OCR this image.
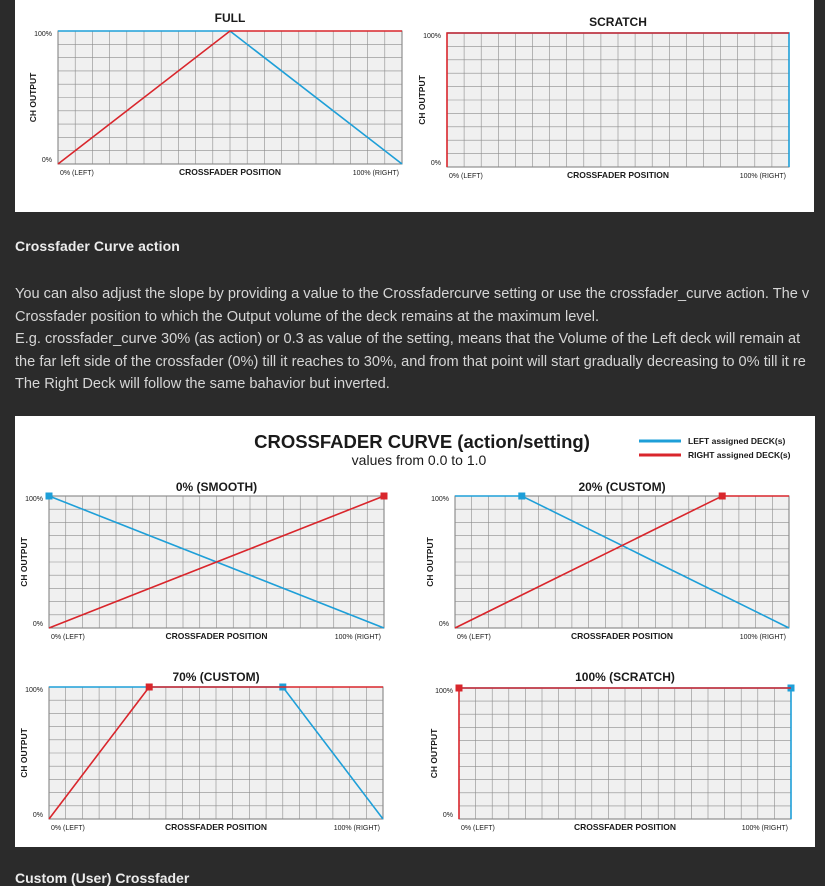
FULL
100%
0%
CH OUTPUT
0% (LEFT)	CROSSFADER POSITION	100% (RIGHT)
SCRATCH
100%
0%
CH OUTPUT
0% (LEFT)	CROSSFADER POSITION	100% (RIGHT)
Crossfader Curve action
You can also adjust the slope by providing a value to the Crossfadercurve setting or use the crossfader_curve action. The v
Crossfader position to which the Output volume of the deck remains at the maximum level.
E.g. crossfader_curve 30% (as action) or 0.3 as value of the setting, means that the Volume of the Left deck will remain at
the far left side of the crossfader (0%) till it reaches to 30%, and from that point will start gradually decreasing to 0% till it re
The Right Deck will follow the same bahavior but inverted.
CROSSFADER CURVE (action/setting)
values from 0.0 to 1.0
LEFT assigned DECK(s)
RIGHT assigned DECK(s)
0% (SMOOTH)
100%
0%
CH OUTPUT
0% (LEFT)	CROSSFADER POSITION	100% (RIGHT)
20% (CUSTOM)
100%
0%
CH OUTPUT
0% (LEFT)	CROSSFADER POSITION	100% (RIGHT)
70% (CUSTOM)
100%
0%
CH OUTPUT
0% (LEFT)	CROSSFADER POSITION	100% (RIGHT)
100% (SCRATCH)
100%
0%
CH OUTPUT
0% (LEFT)	CROSSFADER POSITION	100% (RIGHT)
Custom (User) Crossfader
